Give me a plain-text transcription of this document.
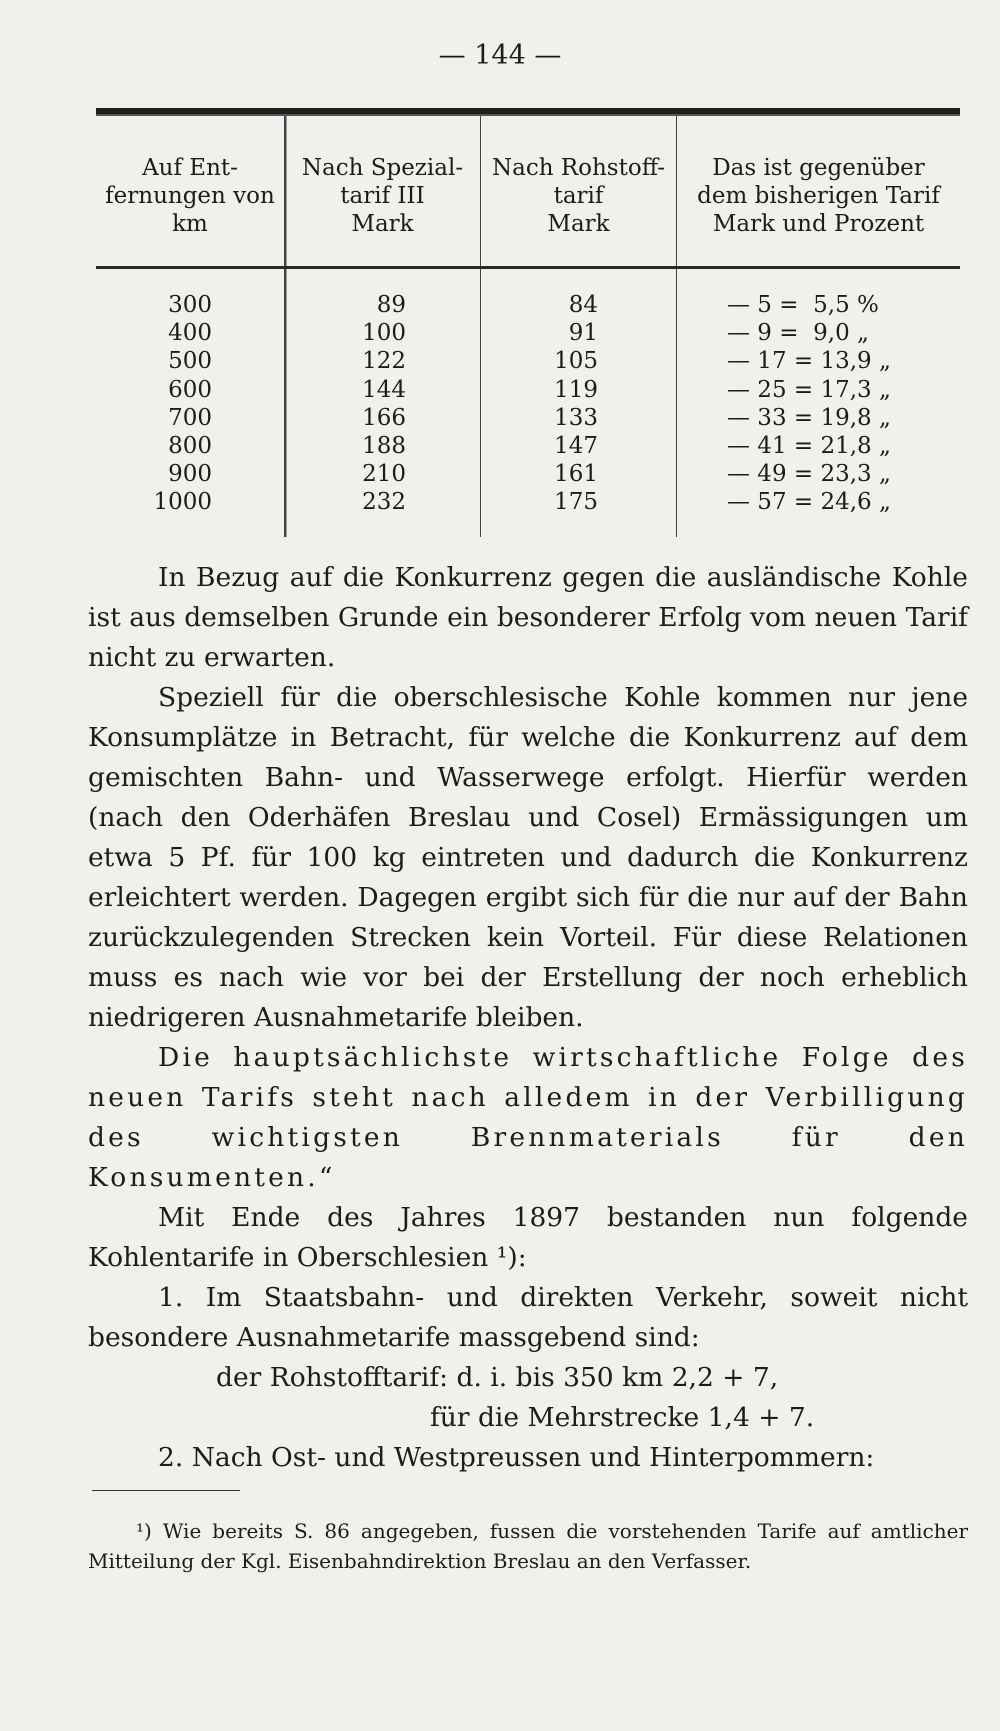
— 144 —
Auf Ent-
fernungen von
km
Nach Spezial-
tarif III
Mark
Nach Rohstoff-
tarif
Mark
Das ist gegenüber
dem bisherigen Tarif
Mark und Prozent
300
400
500
600
700
800
900
1000
89
100
122
144
166
188
210
232
84
91
105
119
133
147
161
175
— 5 =  5,5 %
— 9 =  9,0 „
— 17 = 13,9 „
— 25 = 17,3 „
— 33 = 19,8 „
— 41 = 21,8 „
— 49 = 23,3 „
— 57 = 24,6 „

In Bezug auf die Konkurrenz gegen die ausländische Kohle ist aus demselben Grunde ein besonderer Erfolg vom neuen Tarif nicht zu erwarten.

Speziell für die oberschlesische Kohle kommen nur jene Konsumplätze in Betracht, für welche die Konkurrenz auf dem gemischten Bahn- und Wasserwege erfolgt. Hierfür werden (nach den Oderhäfen Breslau und Cosel) Ermässigungen um etwa 5 Pf. für 100 kg eintreten und dadurch die Konkurrenz erleichtert werden. Dagegen ergibt sich für die nur auf der Bahn zurückzulegenden Strecken kein Vorteil. Für diese Relationen muss es nach wie vor bei der Erstellung der noch erheblich niedrigeren Ausnahmetarife bleiben.

Die hauptsächlichste wirtschaftliche Folge des neuen Tarifs steht nach alledem in der Verbilligung des wichtigsten Brennmaterials für den Konsumenten.“

Mit Ende des Jahres 1897 bestanden nun folgende Kohlentarife in Oberschlesien ¹):

1. Im Staatsbahn- und direkten Verkehr, soweit nicht besondere Ausnahmetarife massgebend sind:

der Rohstofftarif: d. i. bis 350 km 2,2 + 7,

für die Mehrstrecke 1,4 + 7.

2. Nach Ost- und Westpreussen und Hinterpommern:

¹) Wie bereits S. 86 angegeben, fussen die vorstehenden Tarife auf amtlicher Mitteilung der Kgl. Eisenbahndirektion Breslau an den Verfasser.
